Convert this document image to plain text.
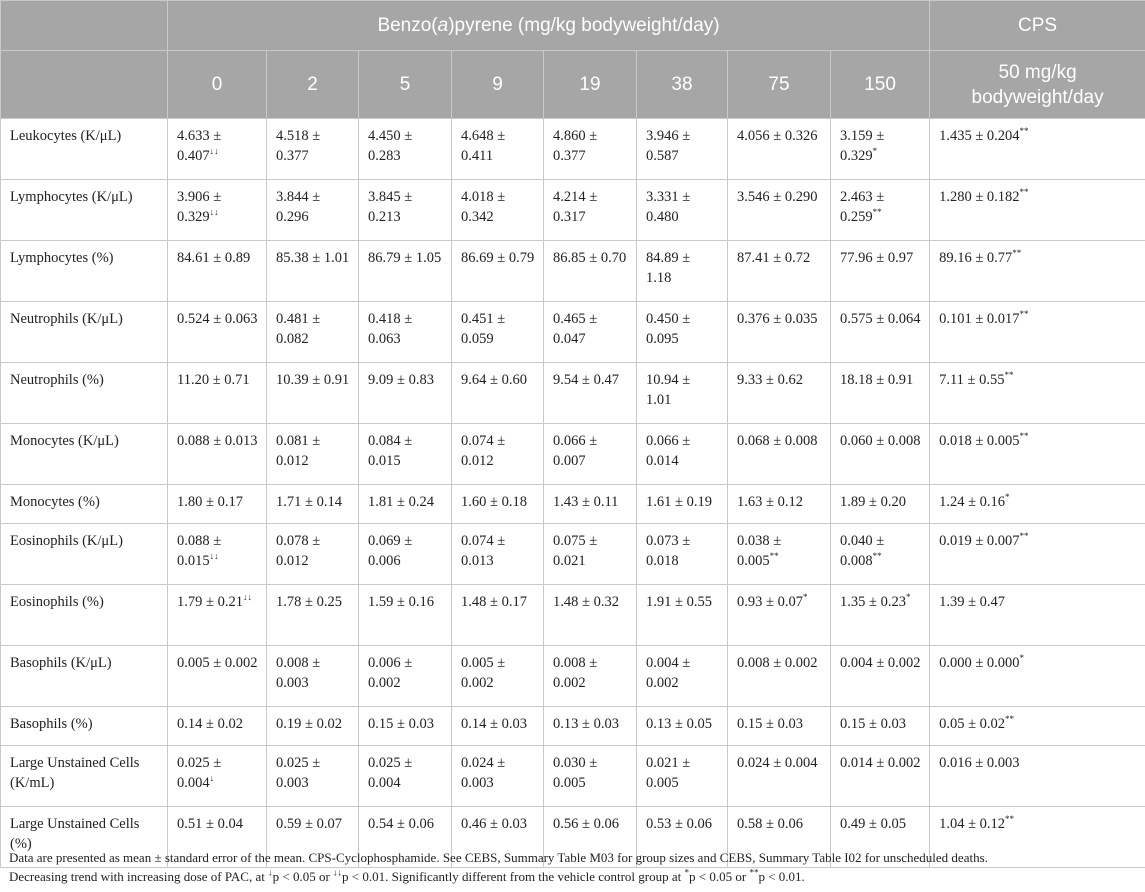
	Benzo(a)pyrene (mg/kg bodyweight/day)								CPS
	0	2	5	9	19	38	75	150	50 mg/kg bodyweight/day
Leukocytes (K/μL)	4.633 ± 0.407↓↓	4.518 ± 0.377	4.450 ± 0.283	4.648 ± 0.411	4.860 ± 0.377	3.946 ± 0.587	4.056 ± 0.326	3.159 ± 0.329*	1.435 ± 0.204**
Lymphocytes (K/μL)	3.906 ± 0.329↓↓	3.844 ± 0.296	3.845 ± 0.213	4.018 ± 0.342	4.214 ± 0.317	3.331 ± 0.480	3.546 ± 0.290	2.463 ± 0.259**	1.280 ± 0.182**
Lymphocytes (%)	84.61 ± 0.89	85.38 ± 1.01	86.79 ± 1.05	86.69 ± 0.79	86.85 ± 0.70	84.89 ± 1.18	87.41 ± 0.72	77.96 ± 0.97	89.16 ± 0.77**
Neutrophils (K/μL)	0.524 ± 0.063	0.481 ± 0.082	0.418 ± 0.063	0.451 ± 0.059	0.465 ± 0.047	0.450 ± 0.095	0.376 ± 0.035	0.575 ± 0.064	0.101 ± 0.017**
Neutrophils (%)	11.20 ± 0.71	10.39 ± 0.91	9.09 ± 0.83	9.64 ± 0.60	9.54 ± 0.47	10.94 ± 1.01	9.33 ± 0.62	18.18 ± 0.91	7.11 ± 0.55**
Monocytes (K/μL)	0.088 ± 0.013	0.081 ± 0.012	0.084 ± 0.015	0.074 ± 0.012	0.066 ± 0.007	0.066 ± 0.014	0.068 ± 0.008	0.060 ± 0.008	0.018 ± 0.005**
Monocytes (%)	1.80 ± 0.17	1.71 ± 0.14	1.81 ± 0.24	1.60 ± 0.18	1.43 ± 0.11	1.61 ± 0.19	1.63 ± 0.12	1.89 ± 0.20	1.24 ± 0.16*
Eosinophils (K/μL)	0.088 ± 0.015↓↓	0.078 ± 0.012	0.069 ± 0.006	0.074 ± 0.013	0.075 ± 0.021	0.073 ± 0.018	0.038 ± 0.005**	0.040 ± 0.008**	0.019 ± 0.007**
Eosinophils (%)	1.79 ± 0.21↓↓	1.78 ± 0.25	1.59 ± 0.16	1.48 ± 0.17	1.48 ± 0.32	1.91 ± 0.55	0.93 ± 0.07*	1.35 ± 0.23*	1.39 ± 0.47
Basophils (K/μL)	0.005 ± 0.002	0.008 ± 0.003	0.006 ± 0.002	0.005 ± 0.002	0.008 ± 0.002	0.004 ± 0.002	0.008 ± 0.002	0.004 ± 0.002	0.000 ± 0.000*
Basophils (%)	0.14 ± 0.02	0.19 ± 0.02	0.15 ± 0.03	0.14 ± 0.03	0.13 ± 0.03	0.13 ± 0.05	0.15 ± 0.03	0.15 ± 0.03	0.05 ± 0.02**
Large Unstained Cells (K/mL)	0.025 ± 0.004↓	0.025 ± 0.003	0.025 ± 0.004	0.024 ± 0.003	0.030 ± 0.005	0.021 ± 0.005	0.024 ± 0.004	0.014 ± 0.002	0.016 ± 0.003
Large Unstained Cells (%)	0.51 ± 0.04	0.59 ± 0.07	0.54 ± 0.06	0.46 ± 0.03	0.56 ± 0.06	0.53 ± 0.06	0.58 ± 0.06	0.49 ± 0.05	1.04 ± 0.12**

Data are presented as mean ± standard error of the mean. CPS-Cyclophosphamide. See CEBS, Summary Table M03 for group sizes and CEBS, Summary Table I02 for unscheduled deaths.

Decreasing trend with increasing dose of PAC, at ↓p < 0.05 or ↓↓p < 0.01. Significantly different from the vehicle control group at *p < 0.05 or **p < 0.01.
